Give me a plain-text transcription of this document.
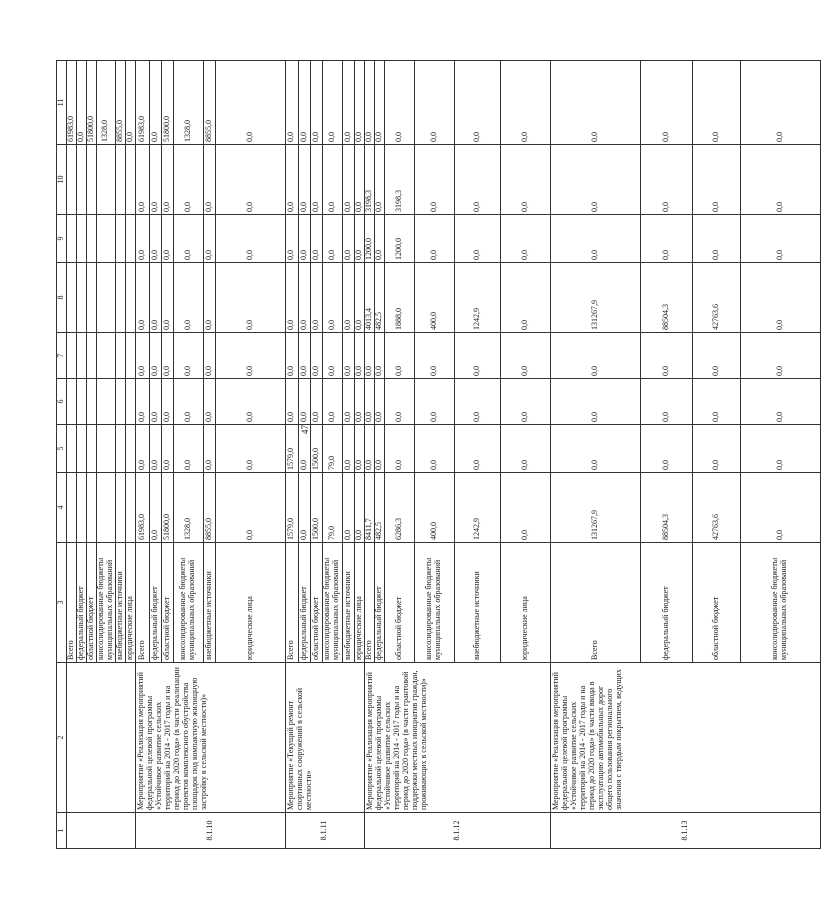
47
1	2	3	4	5	6	7	8	9	10	11
		Всего								61983,0
		федеральный бюджет								0,0
		областной бюджет								51800,0
		консолидированные бюджеты муниципальных образований								1328,0
		внебюджетные источники								8855,0
		юридические лица								0,0
8.1.10	Мероприятие «Реализация мероприятий федеральной целевой программы «Устойчивое развитие сельских территорий на 2014 - 2017 годы и на период до 2020 года» (в части реализации проектов комплексного обустройства площадок под компактную жилищную застройку в сельской местности)»	Всего	61983,0	0,0	0,0	0,0	0,0	0,0	0,0	61983,0
		федеральный бюджет	0,0	0,0	0,0	0,0	0,0	0,0	0,0	0,0
		областной бюджет	51800,0	0,0	0,0	0,0	0,0	0,0	0,0	51800,0
		консолидированные бюджеты муниципальных образований	1328,0	0,0	0,0	0,0	0,0	0,0	0,0	1328,0
		внебюджетные источники	8855,0	0,0	0,0	0,0	0,0	0,0	0,0	8855,0
		юридические лица	0,0	0,0	0,0	0,0	0,0	0,0	0,0	0,0
8.1.11	Мероприятие «Текущий ремонт спортивных сооружений в сельской местности»	Всего	1579,0	1579,0	0,0	0,0	0,0	0,0	0,0	0,0
		федеральный бюджет	0,0	0,0	0,0	0,0	0,0	0,0	0,0	0,0
		областной бюджет	1500,0	1500,0	0,0	0,0	0,0	0,0	0,0	0,0
		консолидированные бюджеты муниципальных образований	79,0	79,0	0,0	0,0	0,0	0,0	0,0	0,0
		внебюджетные источники	0,0	0,0	0,0	0,0	0,0	0,0	0,0	0,0
		юридические лица	0,0	0,0	0,0	0,0	0,0	0,0	0,0	0,0
8.1.12	Мероприятие «Реализация мероприятий федеральной целевой программы «Устойчивое развитие сельских территорий на 2014 - 2017 годы и на период до 2020 года» (в части грантовой поддержки местных инициатив граждан, проживающих в сельской местности)»	Всего	8411,7	0,0	0,0	0,0	4013,4	1200,0	3198,3	0,0
		федеральный бюджет	482,5	0,0	0,0	0,0	482,5	0,0	0,0	0,0
		областной бюджет	6286,3	0,0	0,0	0,0	1888,0	1200,0	3198,3	0,0
		консолидированные бюджеты муниципальных образований	400,0	0,0	0,0	0,0	400,0	0,0	0,0	0,0
		внебюджетные источники	1242,9	0,0	0,0	0,0	1242,9	0,0	0,0	0,0
		юридические лица	0,0	0,0	0,0	0,0	0,0	0,0	0,0	0,0
8.1.13	Мероприятие «Реализация мероприятий федеральной целевой программы «Устойчивое развитие сельских территорий на 2014 - 2017 годы и на период до 2020 года» (в части ввода в эксплуатацию автомобильных дорог общего пользования регионального значения с твердым покрытием, ведущих	Всего	131267,9	0,0	0,0	0,0	131267,9	0,0	0,0	0,0
		федеральный бюджет	88504,3	0,0	0,0	0,0	88504,3	0,0	0,0	0,0
		областной бюджет	42763,6	0,0	0,0	0,0	42763,6	0,0	0,0	0,0
		консолидированные бюджеты муниципальных образований	0,0	0,0	0,0	0,0	0,0	0,0	0,0	0,0
